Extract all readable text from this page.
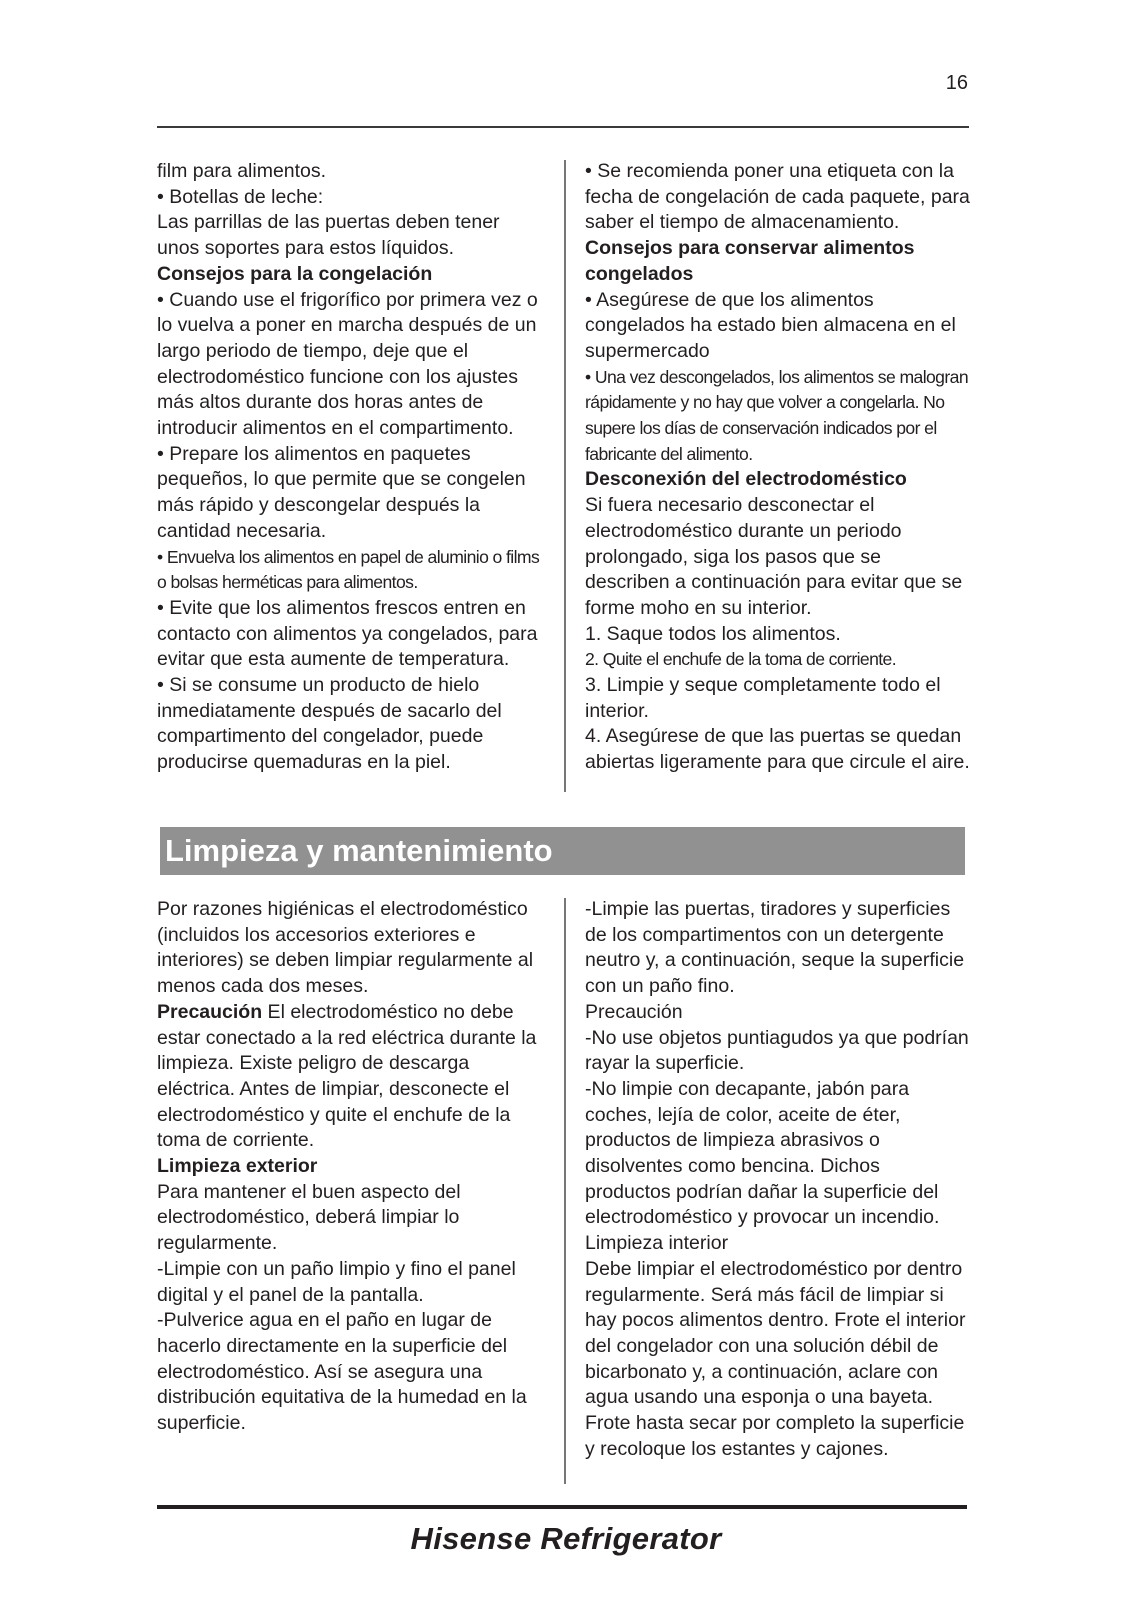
16

film para alimentos.

• Botellas de leche:

Las parrillas de las puertas deben tener unos soportes para estos líquidos.

Consejos para la congelación

• Cuando use el frigorífico por primera vez o lo vuelva a poner en marcha después de un largo periodo de tiempo, deje que el electrodoméstico funcione con los ajustes más altos durante dos horas antes de introducir alimentos en el compartimento.

• Prepare los alimentos en paquetes pequeños, lo que permite que se congelen más rápido y descongelar después la cantidad necesaria.

• Envuelva los alimentos en papel de aluminio o films o bolsas herméticas para alimentos.

• Evite que los alimentos frescos entren en contacto con alimentos ya congelados, para evitar que esta aumente de temperatura.

• Si se consume un producto de hielo inmediatamente después de sacarlo del compartimento del congelador, puede producirse quemaduras en la piel.

• Se recomienda poner una etiqueta con la fecha de congelación de cada paquete, para saber el tiempo de almacenamiento.

Consejos para conservar alimentos congelados

• Asegúrese de que los alimentos congelados ha estado bien almacena en el supermercado

• Una vez descongelados, los alimentos se malogran rápidamente y no hay que volver a congelarla. No supere los días de conservación indicados por el fabricante del alimento.

Desconexión del electrodoméstico

Si fuera necesario desconectar el electrodoméstico durante un periodo prolongado, siga los pasos que se describen a continuación para evitar que se forme moho en su interior.

1. Saque todos los alimentos.

2. Quite el enchufe de la toma de corriente.

3. Limpie y seque completamente todo el interior.

4. Asegúrese de que las puertas se quedan abiertas ligeramente para que circule el aire.

Limpieza y mantenimiento

Por razones higiénicas el electrodoméstico (incluidos los accesorios exteriores e interiores) se deben limpiar regularmente al menos cada dos meses.

Precaución El electrodoméstico no debe estar conectado a la red eléctrica durante la limpieza. Existe peligro de descarga eléctrica. Antes de limpiar, desconecte el electrodoméstico y quite el enchufe de la toma de corriente.

Limpieza exterior

Para mantener el buen aspecto del electrodoméstico, deberá limpiar lo regularmente.

-Limpie con un paño limpio y fino el panel digital y el panel de la pantalla.

-Pulverice agua en el paño en lugar de hacerlo directamente en la superficie del electrodoméstico. Así se asegura una distribución equitativa de la humedad en la superficie.

-Limpie las puertas, tiradores y superficies de los compartimentos con un detergente neutro y, a continuación, seque la superficie con un paño fino.

Precaución

-No use objetos puntiagudos ya que podrían rayar la superficie.

-No limpie con decapante, jabón para coches, lejía de color, aceite de éter, productos de limpieza abrasivos o disolventes como bencina. Dichos productos podrían dañar la superficie del electrodoméstico y provocar un incendio.

Limpieza interior

Debe limpiar el electrodoméstico por dentro regularmente. Será más fácil de limpiar si hay pocos alimentos dentro. Frote el interior del congelador con una solución débil de bicarbonato y, a continuación, aclare con agua usando una esponja o una bayeta. Frote hasta secar por completo la superficie y recoloque los estantes y cajones.

Hisense Refrigerator
